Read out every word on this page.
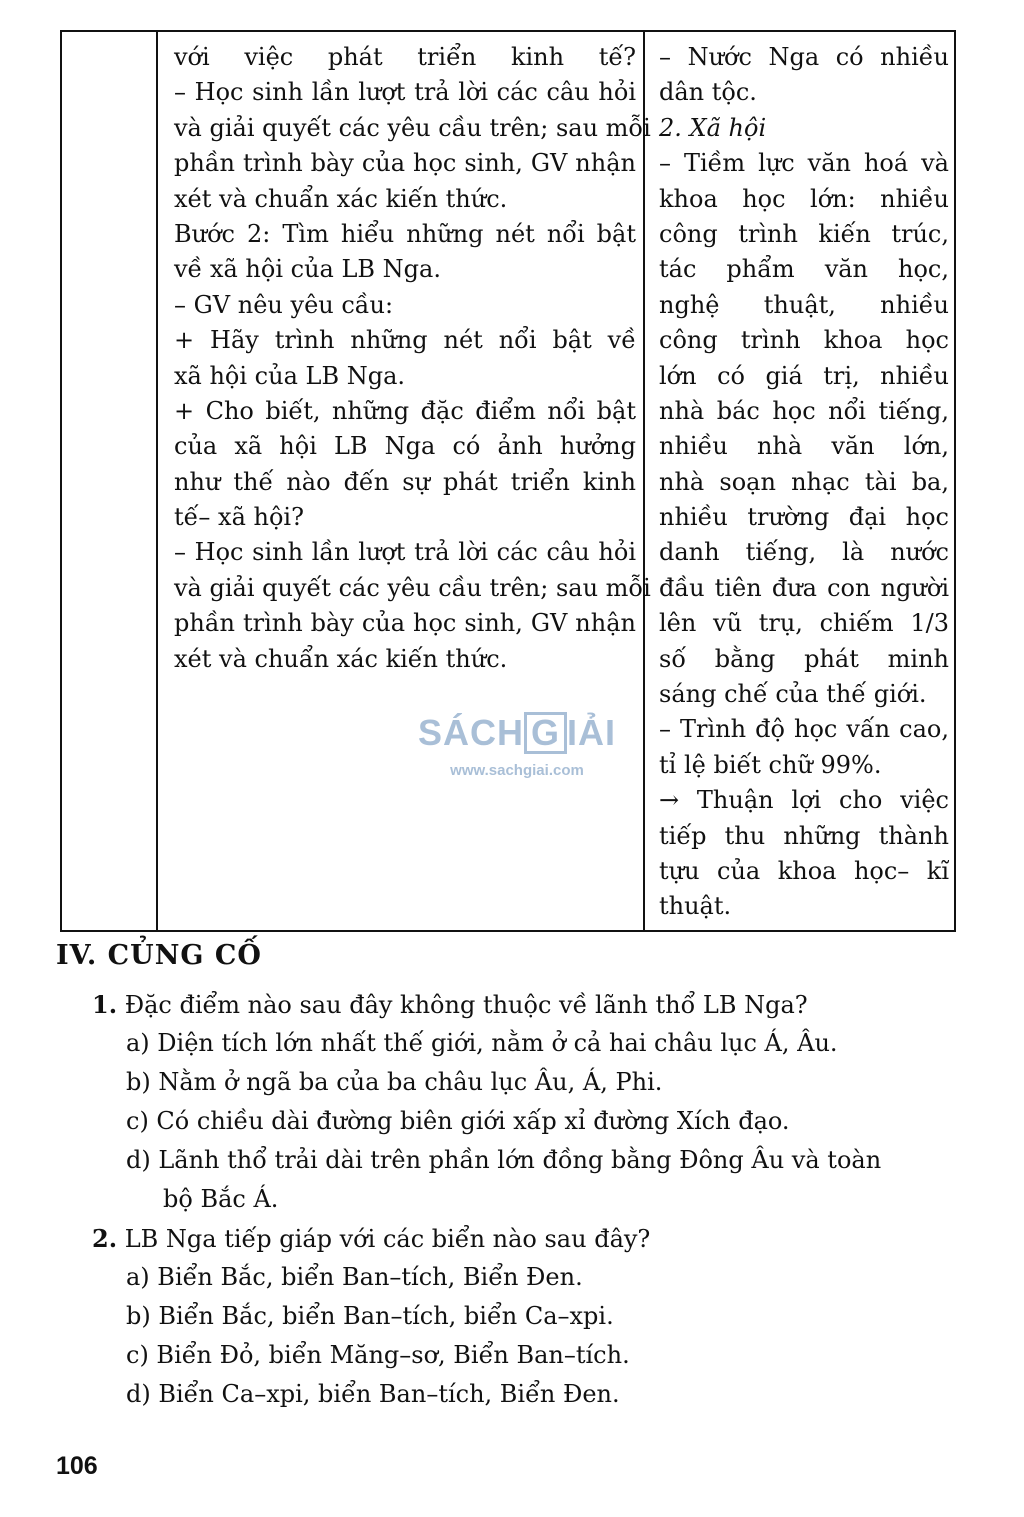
với việc phát triển kinh tế?
– Học sinh lần lượt trả lời các câu hỏi
và giải quyết các yêu cầu trên; sau mỗi
phần trình bày của học sinh, GV nhận
xét và chuẩn xác kiến thức.
Bước 2: Tìm hiểu những nét nổi bật
về xã hội của LB Nga.
– GV nêu yêu cầu:
+ Hãy trình những nét nổi bật về
xã hội của LB Nga.
+ Cho biết, những đặc điểm nổi bật
của xã hội LB Nga có ảnh hưởng
như thế nào đến sự phát triển kinh
tế– xã hội?
– Học sinh lần lượt trả lời các câu hỏi
và giải quyết các yêu cầu trên; sau mỗi
phần trình bày của học sinh, GV nhận
xét và chuẩn xác kiến thức.
– Nước Nga có nhiều
dân tộc.
2. Xã hội
– Tiềm lực văn hoá và
khoa học lớn: nhiều
công trình kiến trúc,
tác phẩm văn học,
nghệ thuật, nhiều
công trình khoa học
lớn có giá trị, nhiều
nhà bác học nổi tiếng,
nhiều nhà văn lớn,
nhà soạn nhạc tài ba,
nhiều trường đại học
danh tiếng, là nước
đầu tiên đưa con người
lên vũ trụ, chiếm 1/3
số bằng phát minh
sáng chế của thế giới.
– Trình độ học vấn cao,
tỉ lệ biết chữ 99%.
→ Thuận lợi cho việc
tiếp thu những thành
tựu của khoa học– kĩ
thuật.
SÁCH G IẢI
www.sachgiai.com
IV. CỦNG CỐ
1. Đặc điểm nào sau đây không thuộc về lãnh thổ LB Nga?
a) Diện tích lớn nhất thế giới, nằm ở cả hai châu lục Á, Âu.
b) Nằm ở ngã ba của ba châu lục Âu, Á, Phi.
c) Có chiều dài đường biên giới xấp xỉ đường Xích đạo.
d) Lãnh thổ trải dài trên phần lớn đồng bằng Đông Âu và toàn
bộ Bắc Á.
2. LB Nga tiếp giáp với các biển nào sau đây?
a) Biển Bắc, biển Ban–tích, Biển Đen.
b) Biển Bắc, biển Ban–tích, biển Ca–xpi.
c) Biển Đỏ, biển Măng–sơ, Biển Ban–tích.
d) Biển Ca–xpi, biển Ban–tích, Biển Đen.
106
